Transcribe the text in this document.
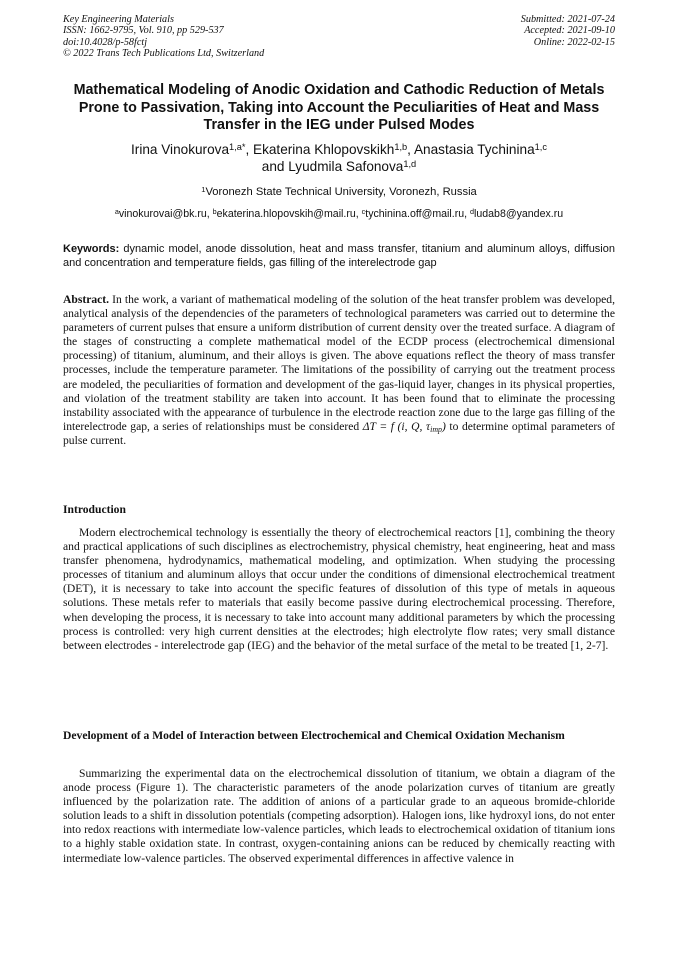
Key Engineering Materials
ISSN: 1662-9795, Vol. 910, pp 529-537
doi:10.4028/p-58fctj
© 2022 Trans Tech Publications Ltd, Switzerland
Submitted: 2021-07-24
Accepted: 2021-09-10
Online: 2022-02-15
Mathematical Modeling of Anodic Oxidation and Cathodic Reduction of Metals Prone to Passivation, Taking into Account the Peculiarities of Heat and Mass Transfer in the IEG under Pulsed Modes
Irina Vinokurova$^{1,a*}$, Ekaterina Khlopovskikh$^{1,b}$, Anastasia Tychinina$^{1,c}$
and Lyudmila Safonova$^{1,d}$
$^1$Voronezh State Technical University, Voronezh, Russia
$^a$vinokurovai@bk.ru, $^b$ekaterina.hlopovskih@mail.ru, $^c$tychinina.off@mail.ru, $^d$ludab8@yandex.ru
Keywords: dynamic model, anode dissolution, heat and mass transfer, titanium and aluminum alloys, diffusion and concentration and temperature fields, gas filling of the interelectrode gap
Abstract. In the work, a variant of mathematical modeling of the solution of the heat transfer problem was developed, analytical analysis of the dependencies of the parameters of technological parameters was carried out to determine the parameters of current pulses that ensure a uniform distribution of current density over the treated surface. A diagram of the stages of constructing a complete mathematical model of the ECDP process (electrochemical dimensional processing) of titanium, aluminum, and their alloys is given. The above equations reflect the theory of mass transfer processes, include the temperature parameter. The limitations of the possibility of carrying out the treatment process are modeled, the peculiarities of formation and development of the gas-liquid layer, changes in its physical properties, and violation of the treatment stability are taken into account. It has been found that to eliminate the processing instability associated with the appearance of turbulence in the electrode reaction zone due to the large gas filling of the interelectrode gap, a series of relationships must be considered ΔT = f (i, Q, $\tau_{imp}$) to determine optimal parameters of pulse current.
Introduction
Modern electrochemical technology is essentially the theory of electrochemical reactors [1], combining the theory and practical applications of such disciplines as electrochemistry, physical chemistry, heat engineering, heat and mass transfer phenomena, hydrodynamics, mathematical modeling, and optimization. When studying the processing processes of titanium and aluminum alloys that occur under the conditions of dimensional electrochemical treatment (DET), it is necessary to take into account the specific features of dissolution of this type of metals in aqueous solutions. These metals refer to materials that easily become passive during electrochemical processing. Therefore, when developing the process, it is necessary to take into account many additional parameters by which the processing process is controlled: very high current densities at the electrodes; high electrolyte flow rates; very small distance between electrodes - interelectrode gap (IEG) and the behavior of the metal surface of the metal to be treated [1, 2-7].
Development of a Model of Interaction between Electrochemical and Chemical Oxidation Mechanism
Summarizing the experimental data on the electrochemical dissolution of titanium, we obtain a diagram of the anode process (Figure 1). The characteristic parameters of the anode polarization curves of titanium are greatly influenced by the polarization rate. The addition of anions of a particular grade to an aqueous bromide-chloride solution leads to a shift in dissolution potentials (competing adsorption). Halogen ions, like hydroxyl ions, do not enter into redox reactions with intermediate low-valence particles, which leads to electrochemical oxidation of titanium ions to a highly stable oxidation state. In contrast, oxygen-containing anions can be reduced by chemically reacting with intermediate low-valence particles. The observed experimental differences in affective valence in
